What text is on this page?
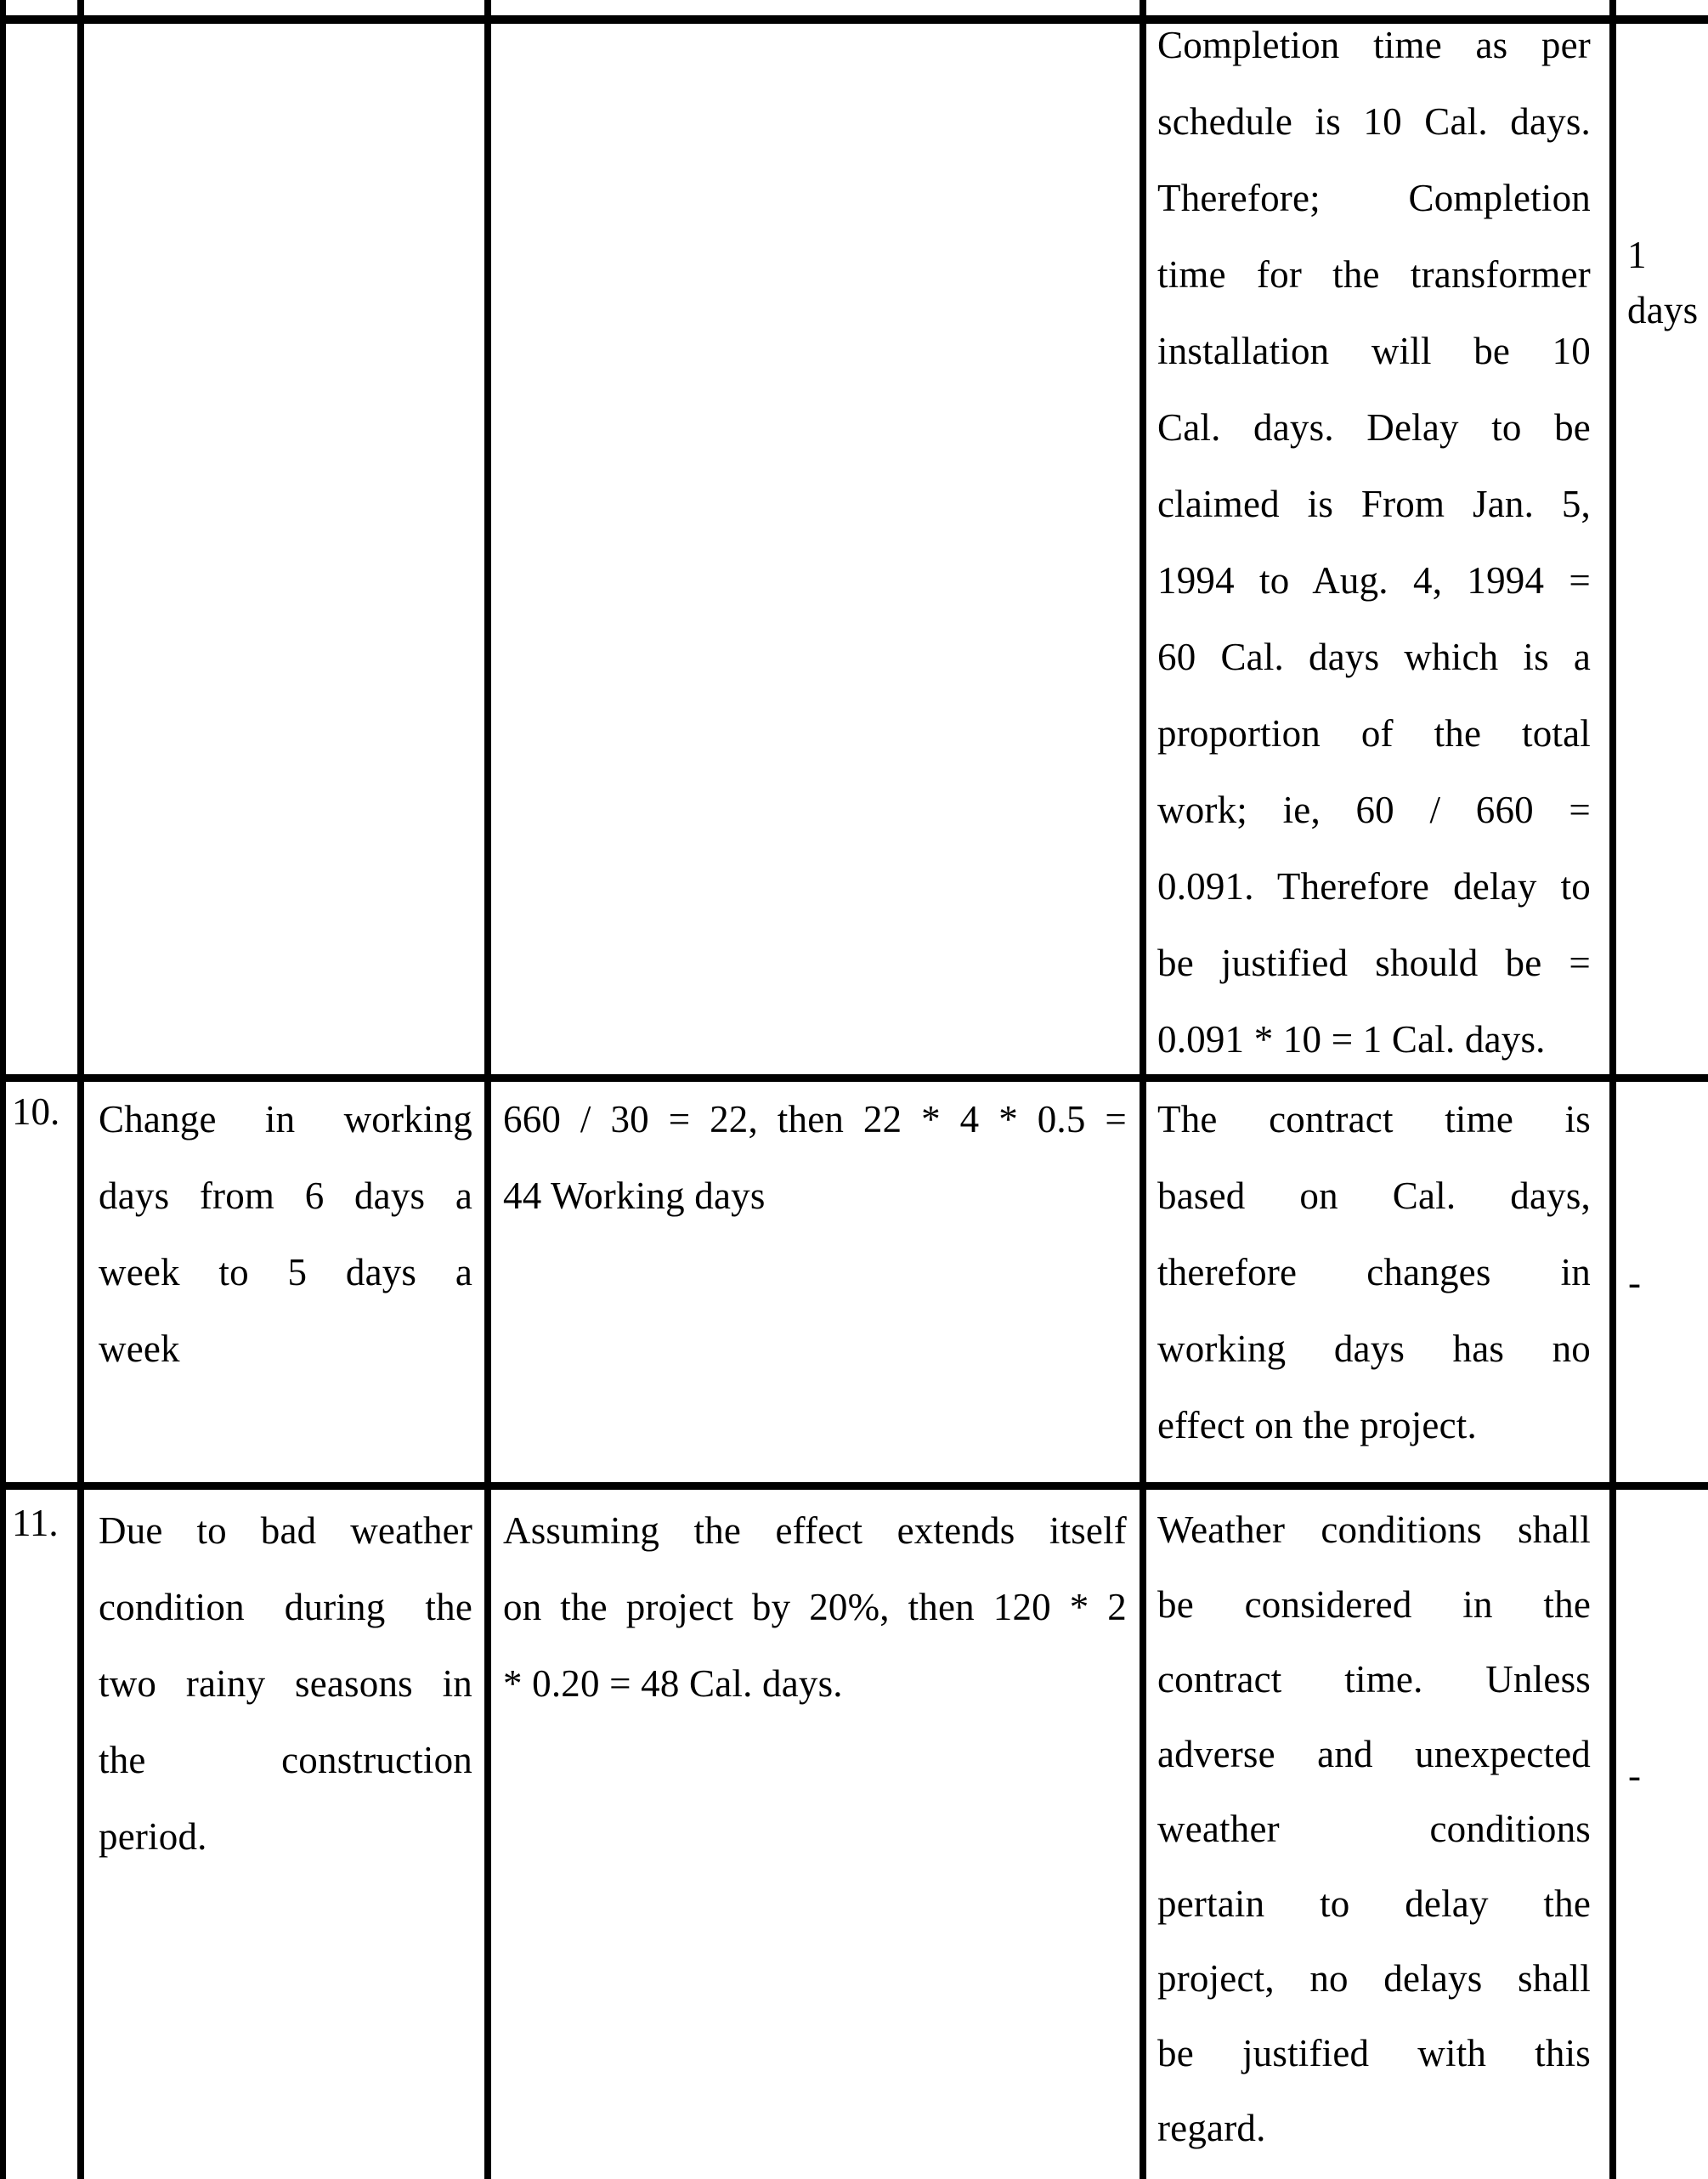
Completion time as per
schedule is 10 Cal. days.
Therefore; Completion
time for the transformer
installation will be 10
Cal. days. Delay to be
claimed is From Jan. 5,
1994 to Aug. 4, 1994 =
60 Cal. days which is a
proportion of the total
work; ie, 60 / 660 =
0.091. Therefore delay to
be justified should be =
0.091 * 10 = 1 Cal. days.
1
days
10. Change in working
days from 6 days a
week to 5 days a
week
660 / 30 = 22, then 22 * 4 * 0.5 =
44 Working days
The contract time is
based on Cal. days,
therefore changes in
working days has no
effect on the project.
-
11. Due to bad weather
condition during the
two rainy seasons in
the construction
period.
Assuming the effect extends itself
on the project by 20%, then 120 * 2
* 0.20 = 48 Cal. days.
Weather conditions shall
be considered in the
contract time. Unless
adverse and unexpected
weather conditions
pertain to delay the
project, no delays shall
be justified with this
regard.
-
